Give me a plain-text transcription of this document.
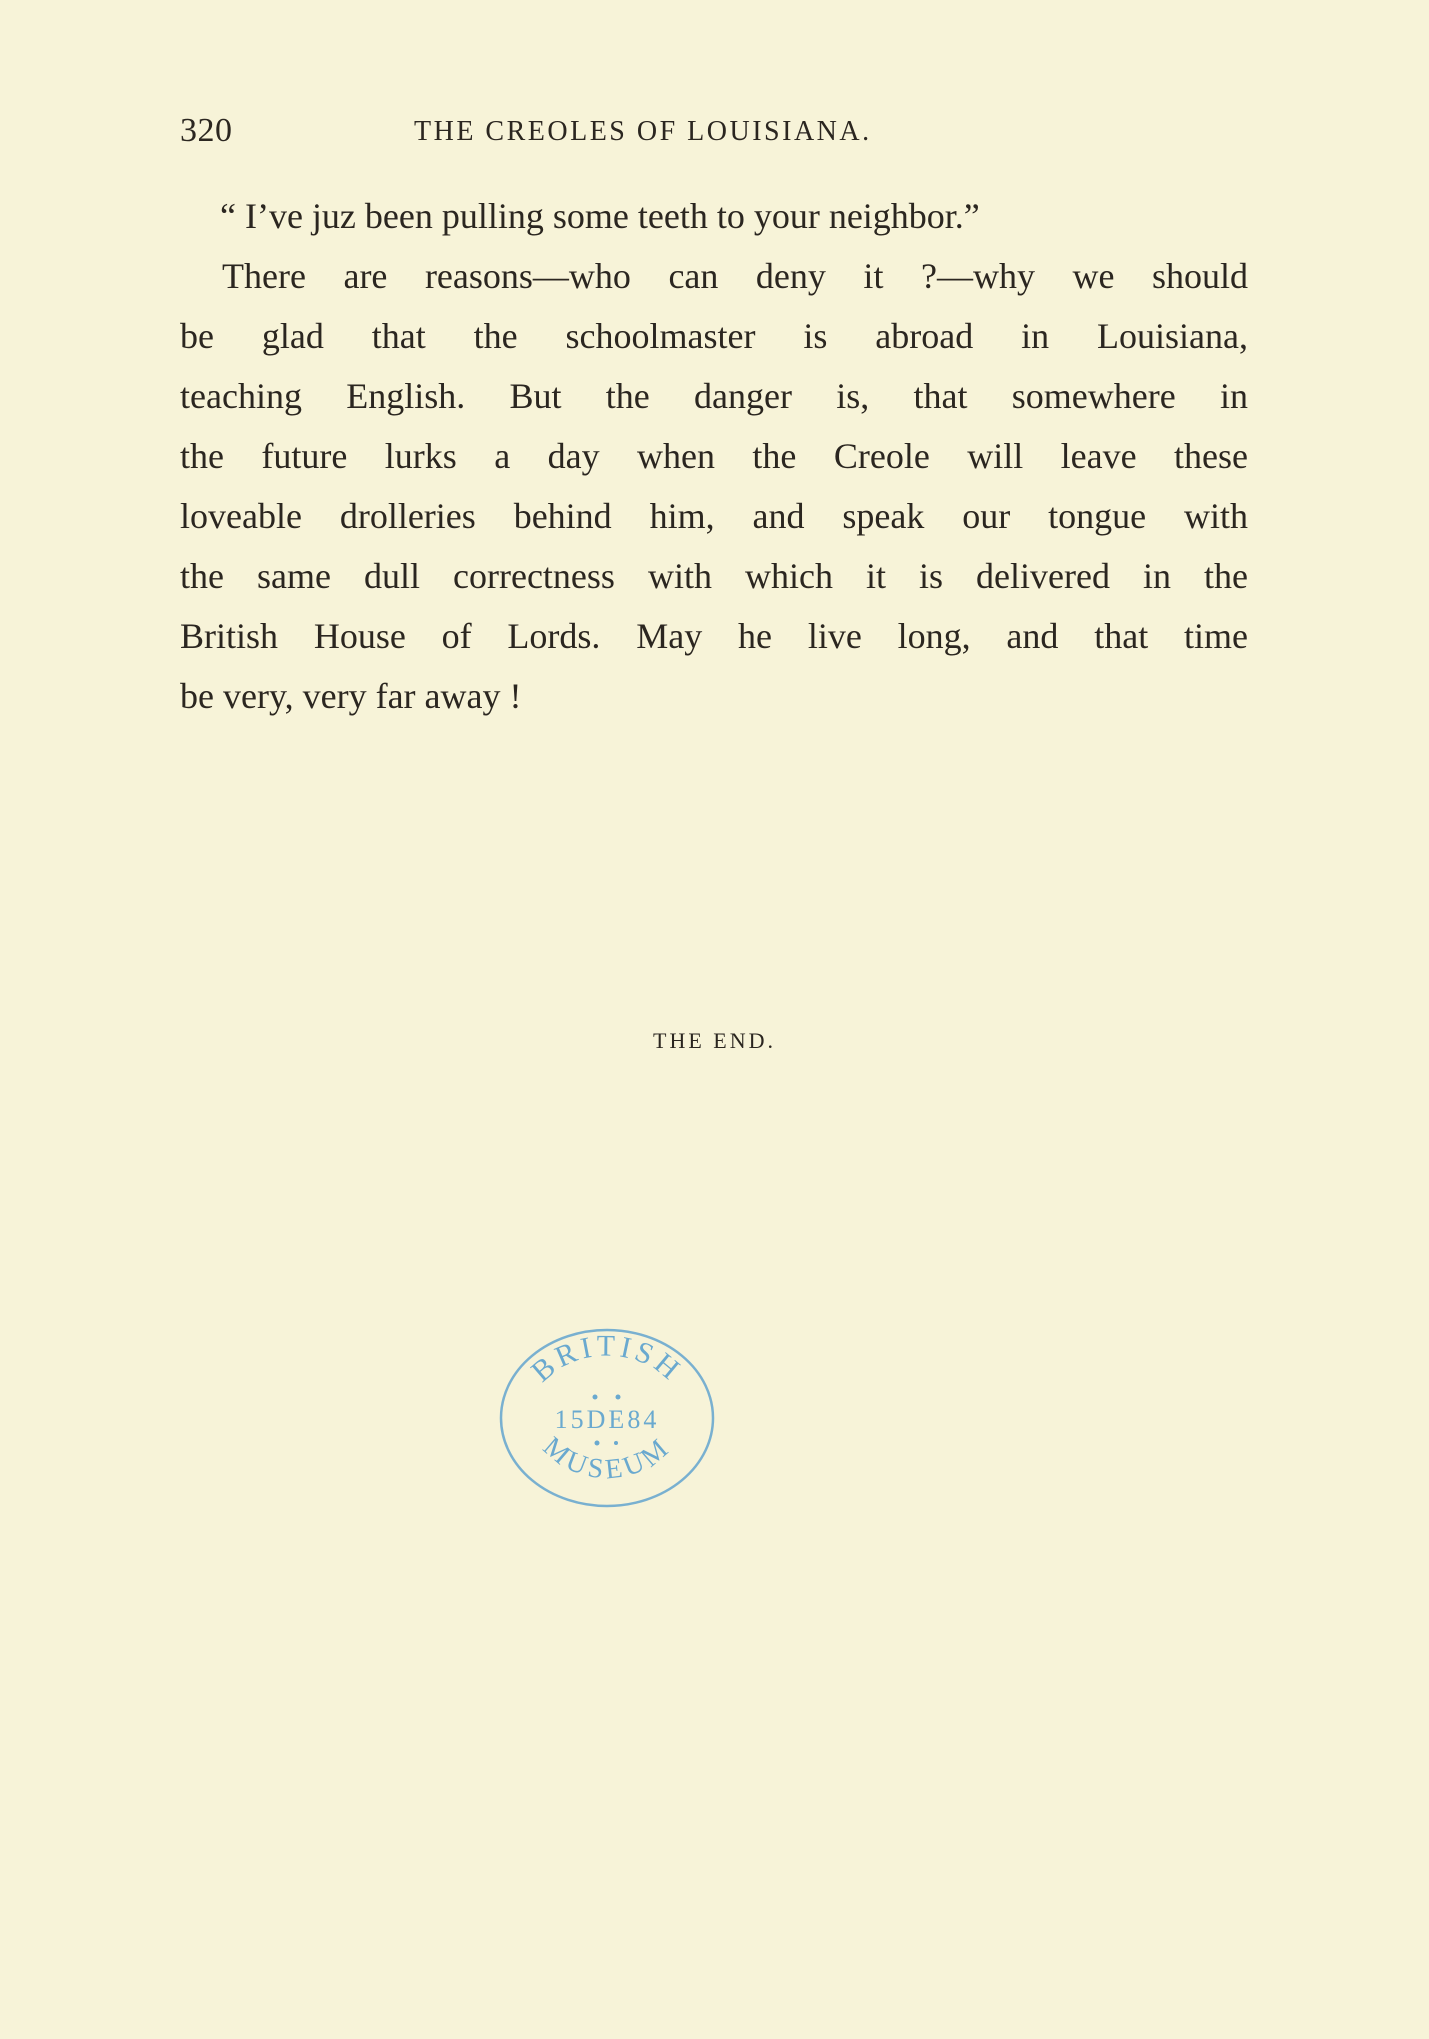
320	THE CREOLES OF LOUISIANA.
“ I’ve juz been pulling some teeth to your neighbor.”
There are reasons—who can deny it ?—why we should
be glad that the schoolmaster is abroad in Louisiana,
teaching English. But the danger is, that somewhere in
the future lurks a day when the Creole will leave these
loveable drolleries behind him, and speak our tongue with
the same dull correctness with which it is delivered in the
British House of Lords. May he live long, and that time
be very, very far away !
THE END.
BRITISH
15DE84
MUSEUM
